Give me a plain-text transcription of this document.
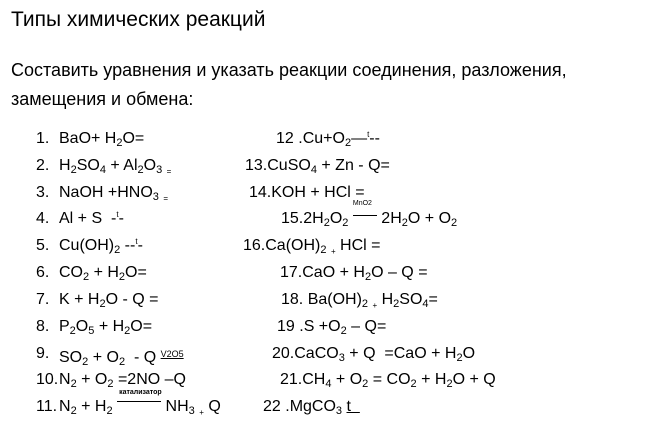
Типы химических реакций
Составить уравнения и указать реакции соединения, разложения, замещения и обмена:
1. $BaO+ H_2O=$	12 $.Cu+O_2—^t--$
2. $H_2SO_4 + Al_2O_3$ $_=$	13.CuSO$_4$ + Zn - Q=
3. NaOH $+HNO_3$ $_=$	14.KOH + HCl =
4. Al + S  -$^t$-	$15.2H_2O_2$
MnO2
$2H_2O + O_2$
5. $Cu(OH)_2$ --$^t$-	$16.Ca(OH)_2$ $_+$ HCl =
6. $CO_2 + H_2O=$	$17.CaO + H_2O - Q$ =
7. $K + H_2O - Q$ =	18. $Ba(OH)_2$ $_+$ $H_2SO_4=$
8. $P_2O_5 + H_2O=$	19 $.S +O_2 - Q=$
9. $SO_2 + O_2 - Q$ $^{V2O5}$	20.CaCO$_3$ + $Q =CaO + H_2O$
10. $N_2 + O_2 =2NO$ –Q	$21.CH_4 + O_2 = CO_2 + H_2O + Q$
11. $N_2 + H_2$
катализатор
$NH_3$ $_+$ Q	22 .MgCO$_3$ t
